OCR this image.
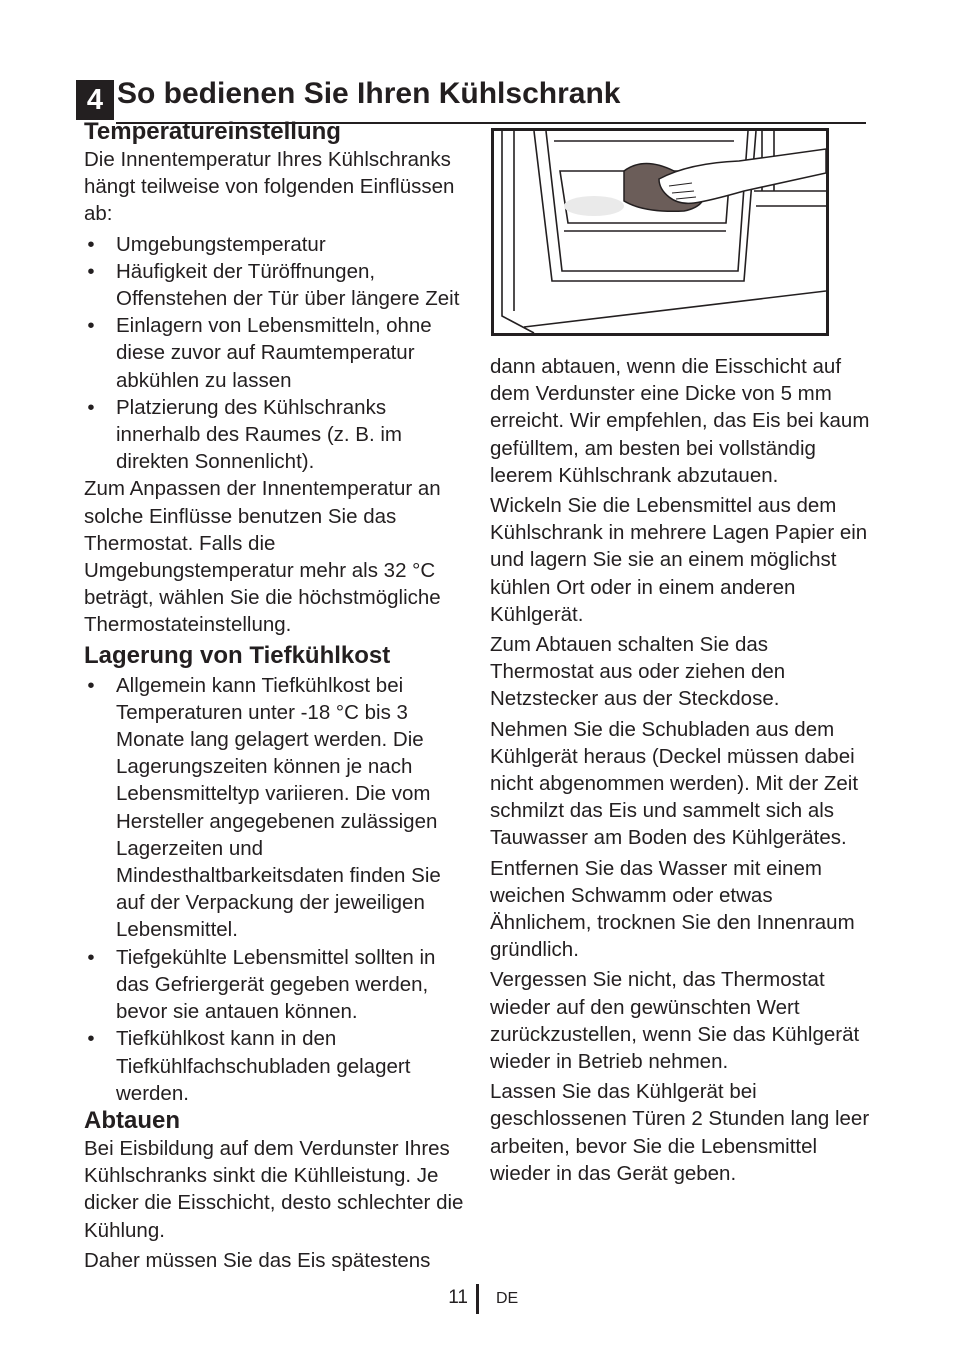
4 So bedienen Sie Ihren Kühlschrank
Temperatureinstellung

Die Innentemperatur Ihres Kühlschranks hängt teilweise von folgenden Einflüssen ab:

• Umgebungstemperatur
• Häufigkeit der Türöffnungen, Offenstehen der Tür über längere Zeit
• Einlagern von Lebensmitteln, ohne diese zuvor auf Raumtemperatur abkühlen zu lassen
• Platzierung des Kühlschranks innerhalb des Raumes (z. B. im direkten Sonnenlicht).

Zum Anpassen der Innentemperatur an solche Einflüsse benutzen Sie das Thermostat. Falls die Umgebungstemperatur mehr als 32 °C beträgt, wählen Sie die höchstmögliche Thermostateinstellung.

Lagerung von Tiefkühlkost
• Allgemein kann Tiefkühlkost bei Temperaturen unter -18 °C bis 3 Monate lang gelagert werden. Die Lagerungszeiten können je nach Lebensmitteltyp variieren. Die vom Hersteller angegebenen zulässigen Lagerzeiten und Mindesthaltbarkeitsdaten finden Sie auf der Verpackung der jeweiligen Lebensmittel.
• Tiefgekühlte Lebensmittel sollten in das Gefriergerät gegeben werden, bevor sie antauen können.
• Tiefkühlkost kann in den Tiefkühlfachschubladen gelagert werden.
Abtauen

Bei Eisbildung auf dem Verdunster Ihres Kühlschranks sinkt die Kühlleistung. Je dicker die Eisschicht, desto schlechter die Kühlung.

Daher müssen Sie das Eis spätestens

dann abtauen, wenn die Eisschicht auf dem Verdunster eine Dicke von 5 mm erreicht. Wir empfehlen, das Eis bei kaum gefülltem, am besten bei vollständig leerem Kühlschrank abzutauen.

Wickeln Sie die Lebensmittel aus dem Kühlschrank in mehrere Lagen Papier ein und lagern Sie sie an einem möglichst kühlen Ort oder in einem anderen Kühlgerät.

Zum Abtauen schalten Sie das Thermostat aus oder ziehen den Netzstecker aus der Steckdose.

Nehmen Sie die Schubladen aus dem Kühlgerät heraus (Deckel müssen dabei nicht abgenommen werden). Mit der Zeit schmilzt das Eis und sammelt sich als Tauwasser am Boden des Kühlgerätes.

Entfernen Sie das Wasser mit einem weichen Schwamm oder etwas Ähnlichem, trocknen Sie den Innenraum gründlich.

Vergessen Sie nicht, das Thermostat wieder auf den gewünschten Wert zurückzustellen, wenn Sie das Kühlgerät wieder in Betrieb nehmen.

Lassen Sie das Kühlgerät bei geschlossenen Türen 2 Stunden lang leer arbeiten, bevor Sie die Lebensmittel wieder in das Gerät geben.

11 DE
